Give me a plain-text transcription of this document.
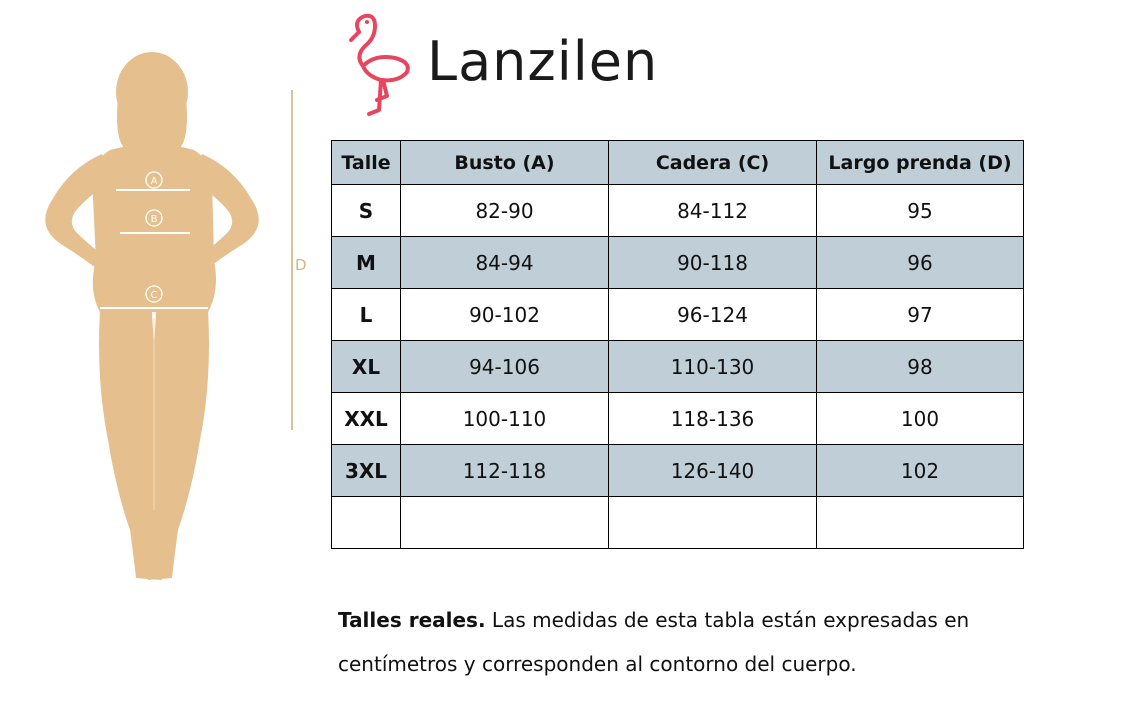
A
B
C
D
Lanzilen
Talle	Busto (A)	Cadera (C)	Largo prenda (D)
S	82-90	84-112	95
M	84-94	90-118	96
L	90-102	96-124	97
XL	94-106	110-130	98
XXL	100-110	118-136	100
3XL	112-118	126-140	102

Talles reales. Las medidas de esta tabla están expresadas en centímetros y corresponden al contorno del cuerpo.
